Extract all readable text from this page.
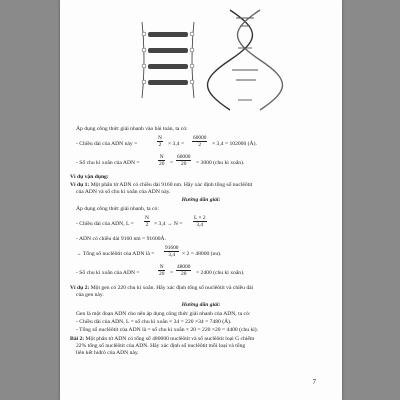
Áp dụng công thức giải nhanh vào bài toán, ta có:
- Chiều dài của ADN này =	$\frac{N}{2} \times 3,4 = \frac{60000}{2} \times 3,4 = 102000$ (Å).
- Số chu kì xoắn của ADN =	$\frac{N}{20} = \frac{60000}{20} = 3000$ (chu kì xoắn).
Ví dụ vận dụng:
Ví dụ 1: Một phân tử ADN có chiều dài 9160 nm. Hãy xác định tổng số nuclêôtit
của ADN và số chu kì xoắn của ADN này.
Hướng dẫn giải:
Áp dụng công thức giải nhanh, ta có:
- Chiều dài của ADN, $L = \frac{N}{2} \times 3,4 \to N = \frac{L \times 2}{3,4}$
- ADN có chiều dài 9160 nm = 91600Å.
→ Tổng số nuclêôtit của ADN là = $\frac{91600}{3,4} \times 2 = 48000$ (nu).
- Số chu kì xoắn của ADN =	$\frac{N}{20} = \frac{48000}{20} = 2400$ (chu kì xoắn).
Ví dụ 2: Một gen có 220 chu kì xoắn. Hãy xác định tổng số nuclêôtit và chiều dài
của gen này.
Hướng dẫn giải:
Gen là một đoạn ADN cho nên áp dụng công thức giải nhanh của ADN, ta có:
- Chiều dài của ADN, L = số chu kì xoắn × 34 = 220 ×34 = 7480 (Å).
- Tổng số nuclêôtit của ADN là = số chu kì xoắn × 20 = 220 ×20 = 4400 (chu kì).
Bài 2: Một phân tử ADN có tổng số 480000 nuclêôtit và số nuclêôtit loại G chiếm
22% tổng số nuclêôtit của ADN. Hãy xác định số nuclêôtit mỗi loại và tổng
liên kết hiđrô của ADN này.
7
